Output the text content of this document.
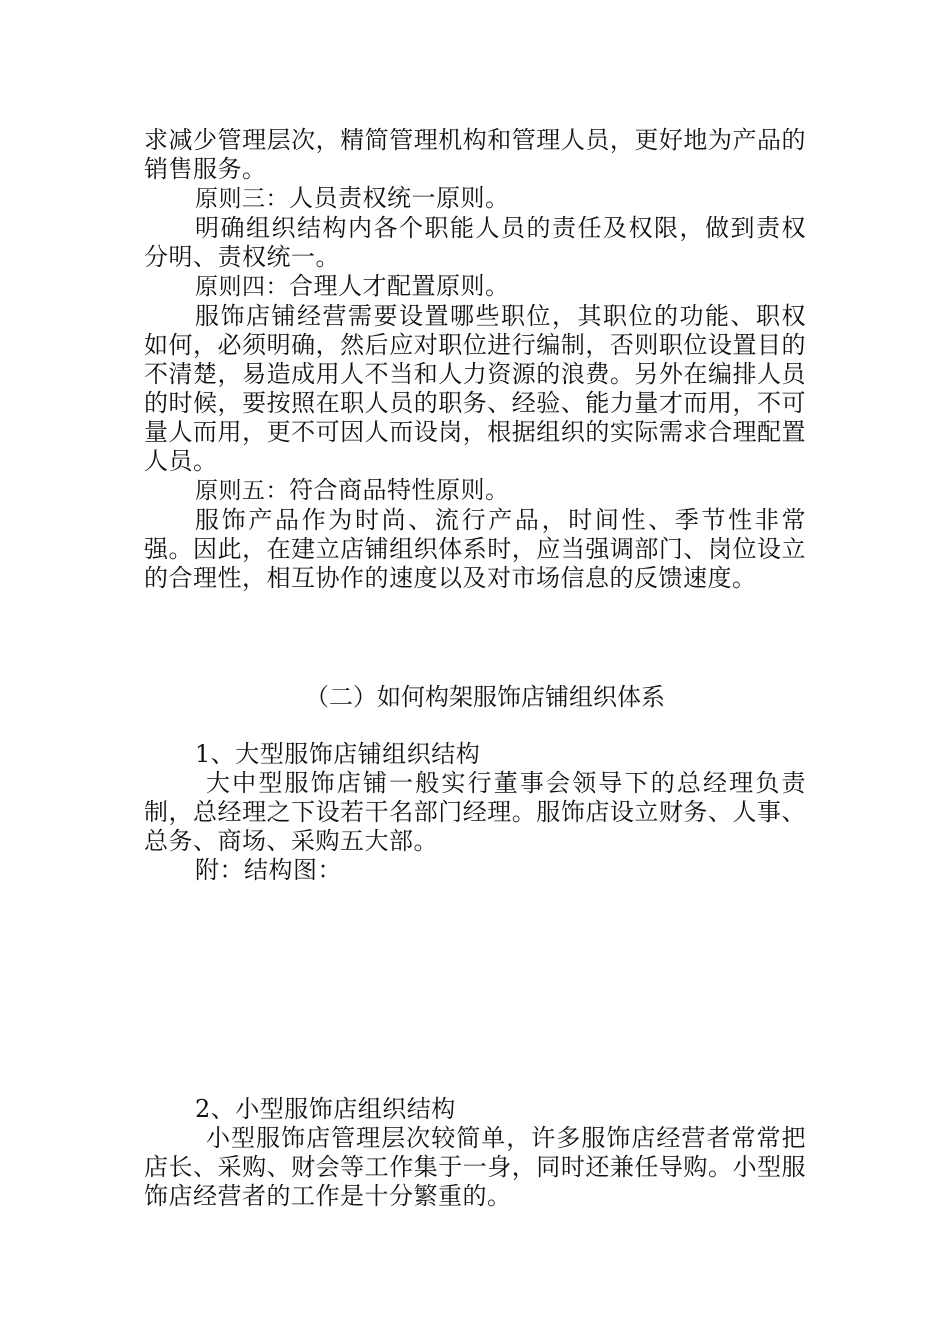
求减少管理层次，精简管理机构和管理人员，更好地为产品的销售服务。

原则三：人员责权统一原则。

明确组织结构内各个职能人员的责任及权限，做到责权分明、责权统一。

原则四：合理人才配置原则。

服饰店铺经营需要设置哪些职位，其职位的功能、职权如何，必须明确，然后应对职位进行编制，否则职位设置目的不清楚，易造成用人不当和人力资源的浪费。另外在编排人员的时候，要按照在职人员的职务、经验、能力量才而用，不可量人而用，更不可因人而设岗，根据组织的实际需求合理配置人员。

原则五：符合商品特性原则。

服饰产品作为时尚、流行产品，时间性、季节性非常强。因此，在建立店铺组织体系时，应当强调部门、岗位设立的合理性，相互协作的速度以及对市场信息的反馈速度。

（二）如何构架服饰店铺组织体系

1、大型服饰店铺组织结构

大中型服饰店铺一般实行董事会领导下的总经理负责制，总经理之下设若干名部门经理。服饰店设立财务、人事、总务、商场、采购五大部。

附：结构图：

2、小型服饰店组织结构

小型服饰店管理层次较简单，许多服饰店经营者常常把店长、采购、财会等工作集于一身，同时还兼任导购。小型服饰店经营者的工作是十分繁重的。
